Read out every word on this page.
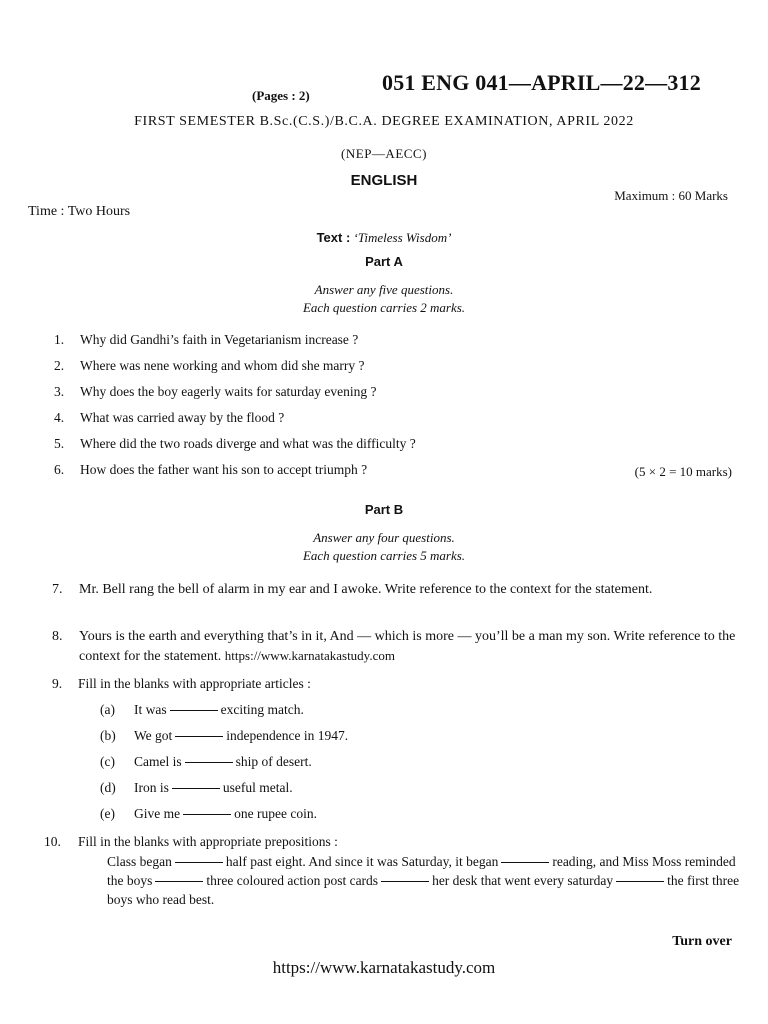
(Pages : 2)
051 ENG 041—APRIL—22—312
FIRST SEMESTER B.Sc.(C.S.)/B.C.A. DEGREE EXAMINATION, APRIL 2022
(NEP—AECC)
ENGLISH
Maximum : 60 Marks
Time : Two Hours
Text : ‘Timeless Wisdom’
Part A
Answer any five questions.
Each question carries 2 marks.
1. Why did Gandhi’s faith in Vegetarianism increase ?
2. Where was nene working and whom did she marry ?
3. Why does the boy eagerly waits for saturday evening ?
4. What was carried away by the flood ?
5. Where did the two roads diverge and what was the difficulty ?
6. How does the father want his son to accept triumph ?	(5 × 2 = 10 marks)
Part B
Answer any four questions.
Each question carries 5 marks.
7. Mr. Bell rang the bell of alarm in my ear and I awoke. Write reference to the context for the statement.
8. Yours is the earth and everything that’s in it, And — which is more — you’ll be a man my son. Write reference to the context for the statement. https://www.karnatakastudy.com
9. Fill in the blanks with appropriate articles :
(a) It was	exciting match.
(b) We got	independence in 1947.
(c) Camel is	ship of desert.
(d) Iron is	useful metal.
(e) Give me	one rupee coin.
10. Fill in the blanks with appropriate prepositions :
Class began	half past eight. And since it was Saturday, it began	reading, and Miss Moss reminded the boys	three coloured action post cards	her desk that went every saturday	the first three boys who read best.
Turn over
https://www.karnatakastudy.com
